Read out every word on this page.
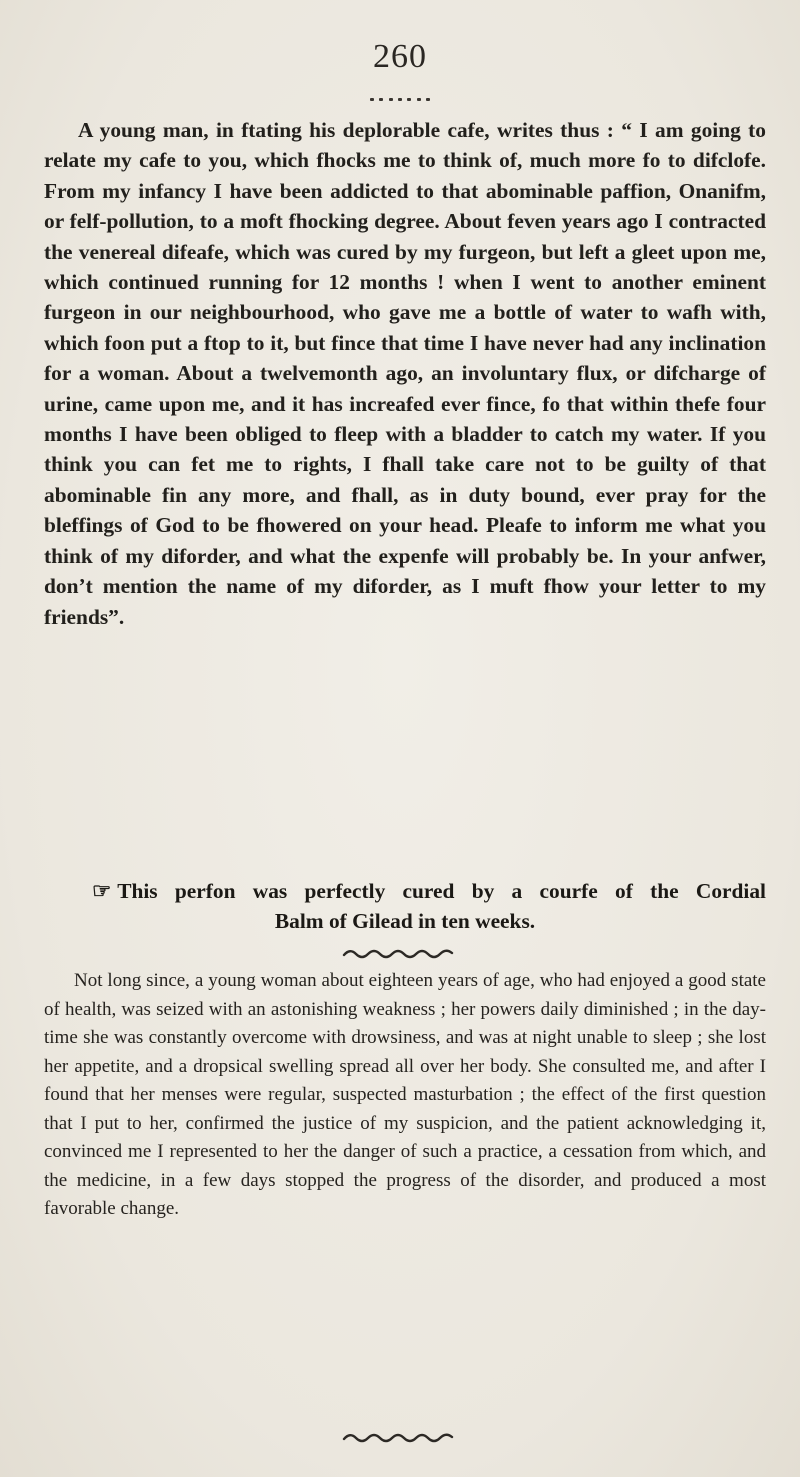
260

A young man, in ftating his deplorable cafe, writes thus : “ I am going to relate my cafe to you, which fhocks me to think of, much more fo to difclofe. From my infancy I have been addicted to that abominable paffion, Onanifm, or felf-pollution, to a moft fhocking degree. About feven years ago I contracted the venereal difeafe, which was cured by my furgeon, but left a gleet upon me, which continued running for 12 months ! when I went to another eminent furgeon in our neighbourhood, who gave me a bottle of water to wafh with, which foon put a ftop to it, but fince that time I have never had any inclination for a woman. About a twelvemonth ago, an involuntary flux, or difcharge of urine, came upon me, and it has increafed ever fince, fo that within thefe four months I have been obliged to fleep with a bladder to catch my water. If you think you can fet me to rights, I fhall take care not to be guilty of that abominable fin any more, and fhall, as in duty bound, ever pray for the bleffings of God to be fhowered on your head. Pleafe to inform me what you think of my diforder, and what the expenfe will probably be. In your anfwer, don’t mention the name of my diforder, as I muft fhow your letter to my friends”.

☞ This perfon was perfectly cured by a courfe of the Cordial
Balm of Gilead in ten weeks.

Not long since, a young woman about eighteen years of age, who had enjoyed a good state of health, was seized with an astonishing weakness ; her powers daily diminished ; in the day-time she was constantly overcome with drowsiness, and was at night unable to sleep ; she lost her appetite, and a dropsical swelling spread all over her body. She consulted me, and after I found that her menses were regular, suspected masturbation ; the effect of the first question that I put to her, confirmed the justice of my suspicion, and the patient acknowledging it, convinced me I represented to her the danger of such a practice, a cessation from which, and the medicine, in a few days stopped the progress of the disorder, and produced a most favorable change.
